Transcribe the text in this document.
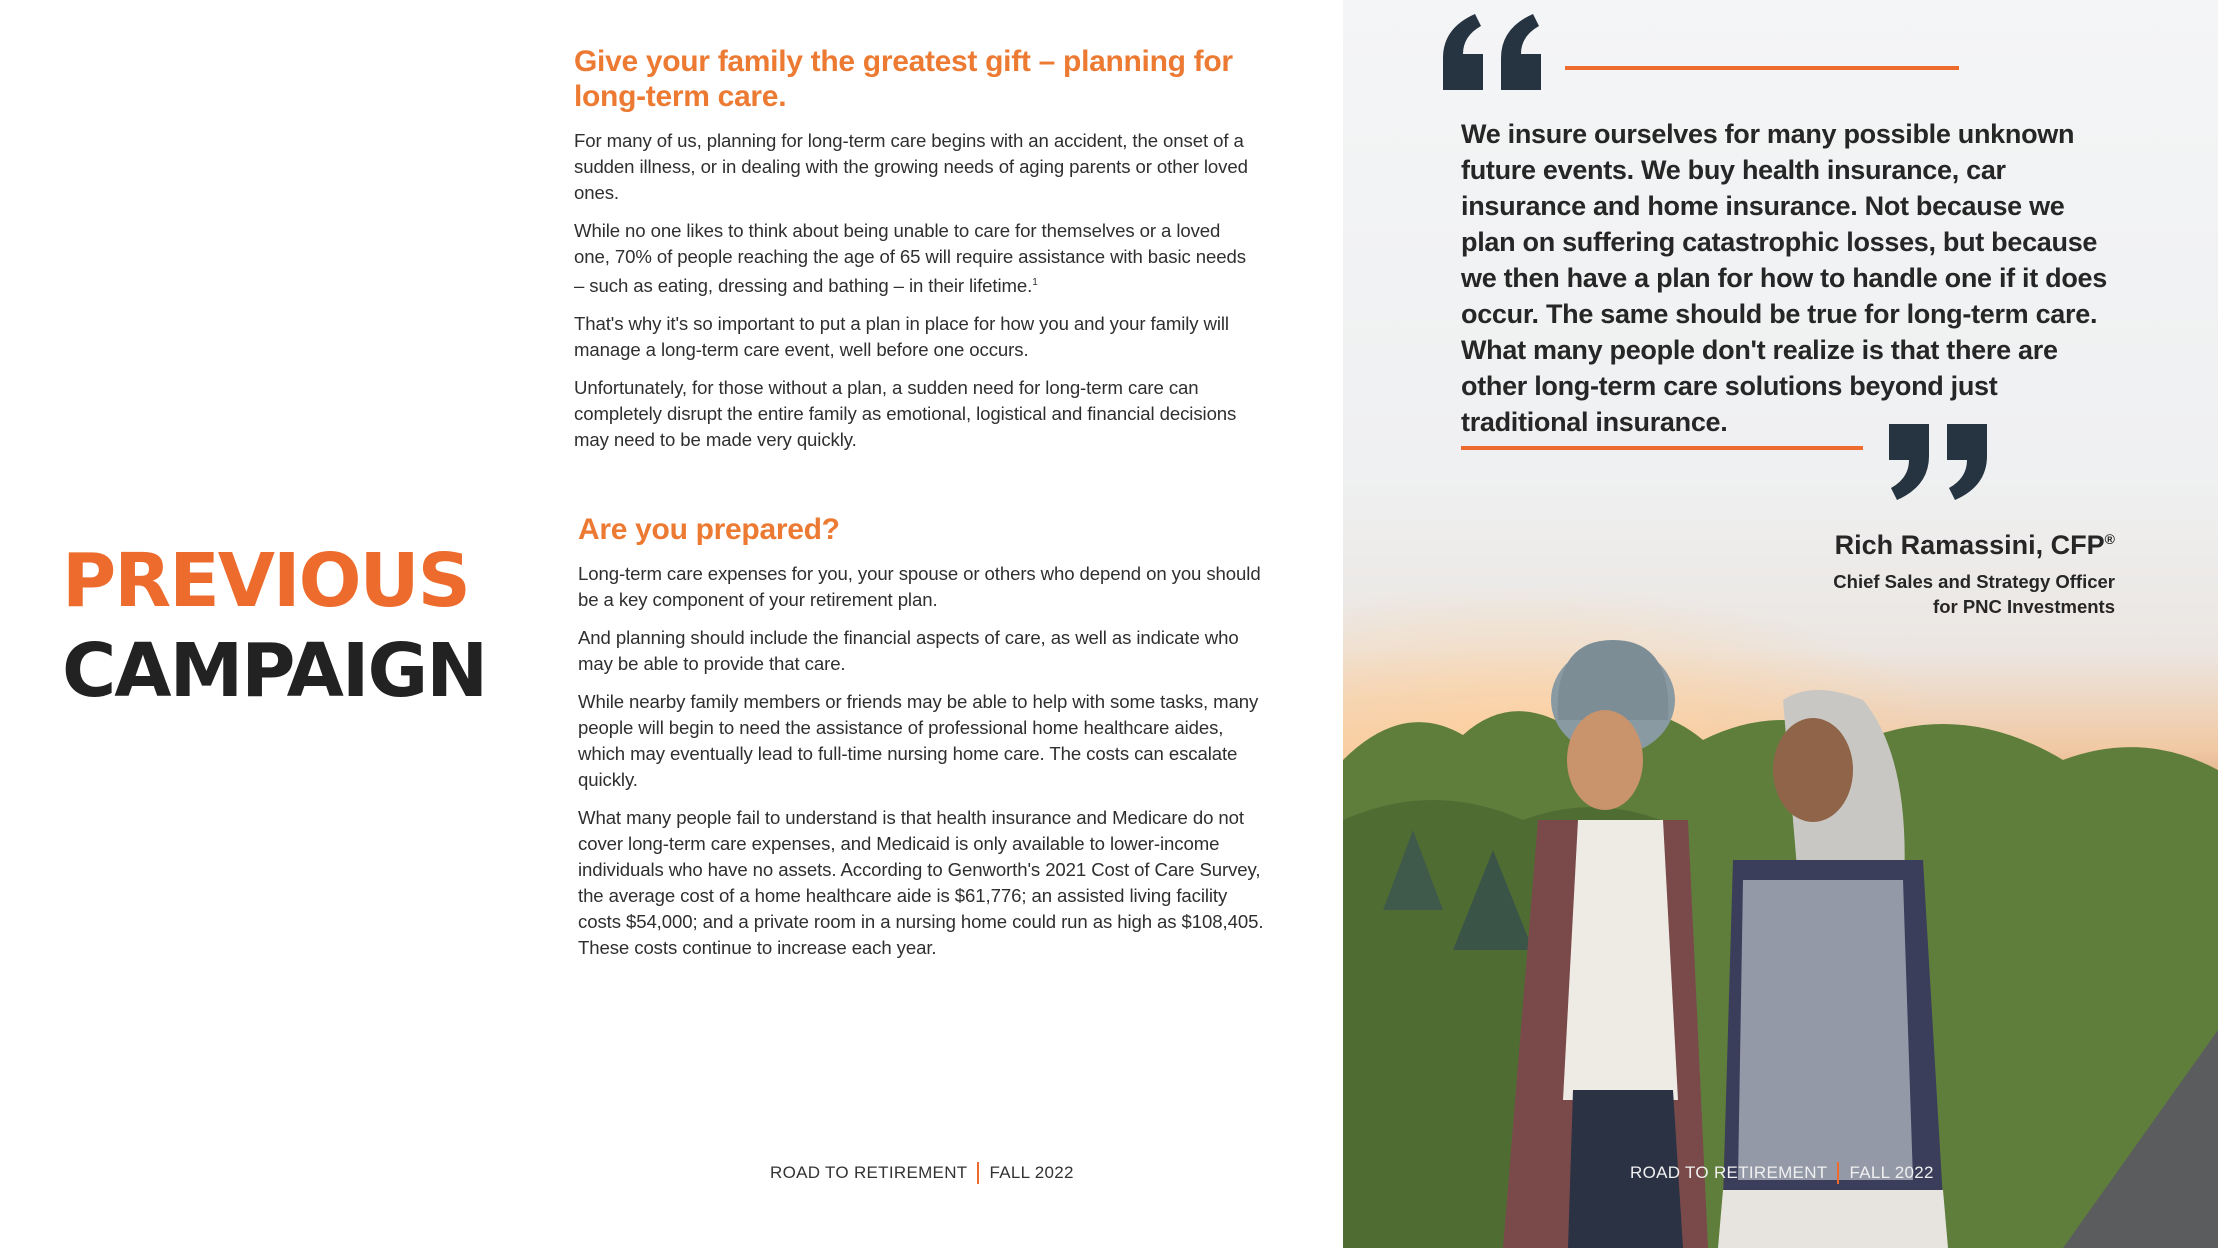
PREVIOUS
CAMPAIGN
Give your family the greatest gift – planning for long-term care.

For many of us, planning for long-term care begins with an accident, the onset of a sudden illness, or in dealing with the growing needs of aging parents or other loved ones.

While no one likes to think about being unable to care for themselves or a loved one, 70% of people reaching the age of 65 will require assistance with basic needs – such as eating, dressing and bathing – in their lifetime.$^1$

That's why it's so important to put a plan in place for how you and your family will manage a long-term care event, well before one occurs.

Unfortunately, for those without a plan, a sudden need for long-term care can completely disrupt the entire family as emotional, logistical and financial decisions may need to be made very quickly.

Are you prepared?

Long-term care expenses for you, your spouse or others who depend on you should be a key component of your retirement plan.

And planning should include the financial aspects of care, as well as indicate who may be able to provide that care.

While nearby family members or friends may be able to help with some tasks, many people will begin to need the assistance of professional home healthcare aides, which may eventually lead to full-time nursing home care. The costs can escalate quickly.

What many people fail to understand is that health insurance and Medicare do not cover long-term care expenses, and Medicaid is only available to lower-income individuals who have no assets. According to Genworth's 2021 Cost of Care Survey, the average cost of a home healthcare aide is $61,776; an assisted living facility costs $54,000; and a private room in a nursing home could run as high as $108,405. These costs continue to increase each year.

ROAD TO RETIREMENT FALL 2022
We insure ourselves for many possible unknown future events. We buy health insurance, car insurance and home insurance. Not because we plan on suffering catastrophic losses, but because we then have a plan for how to handle one if it does occur. The same should be true for long-term care. What many people don't realize is that there are other long-term care solutions beyond just traditional insurance.
Rich Ramassini, CFP®
Chief Sales and Strategy Officer
for PNC Investments
ROAD TO RETIREMENT FALL 2022
